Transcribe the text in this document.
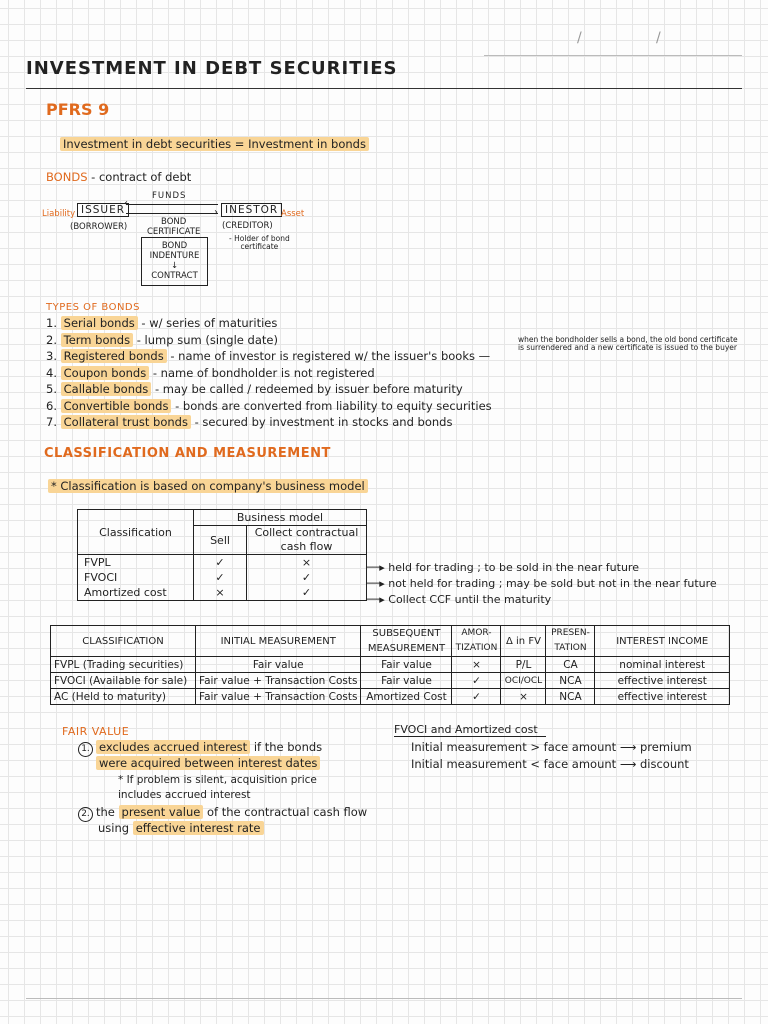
/	/
INVESTMENT IN DEBT SECURITIES
PFRS 9
Investment in debt securities = Investment in bonds
BONDS - contract of debt
Liability ISSUER
FUNDS
‹
› INESTOR Asset
BOND
CERTIFICATE
(BORROWER)	(CREDITOR)
- Holder of bond
certificate
BOND
INDENTURE
↓
CONTRACT
TYPES OF BONDS
1. Serial bonds - w/ series of maturities
2. Term bonds - lump sum (single date)
3. Registered bonds - name of investor is registered w/ the issuer's books —
4. Coupon bonds - name of bondholder is not registered
5. Callable bonds - may be called / redeemed by issuer before maturity
6. Convertible bonds - bonds are converted from liability to equity securities
7. Collateral trust bonds - secured by investment in stocks and bonds
when the bondholder sells a bond, the old bond certificate is surrendered and a new certificate is issued to the buyer
CLASSIFICATION AND MEASUREMENT
* Classification is based on company's business model
Classification	Business model	
	Sell	Collect contractual cash flow
FVPL	✓	×
FVOCI	✓	✓
Amortized cost	×	✓
──▸ held for trading ; to be sold in the near future
──▸ not held for trading ; may be sold but not in the near future
──▸ Collect CCF until the maturity
CLASSIFICATION	INITIAL MEASUREMENT	SUBSEQUENT MEASUREMENT	AMOR-TIZATION	Δ in FV	PRESEN-TATION	INTEREST INCOME
FVPL (Trading securities)	Fair value	Fair value	×	P/L	CA	nominal interest
FVOCI (Available for sale)	Fair value + Transaction Costs	Fair value	✓	OCI/OCL	NCA	effective interest
AC (Held to maturity)	Fair value + Transaction Costs	Amortized Cost	✓	×	NCA	effective interest
FAIR VALUE
1. excludes accrued interest if the bonds
were acquired between interest dates
* If problem is silent, acquisition price
includes accrued interest
2. the present value of the contractual cash flow
using effective interest rate
FVOCI and Amortized cost
Initial measurement > face amount ⟶ premium
Initial measurement < face amount ⟶ discount
